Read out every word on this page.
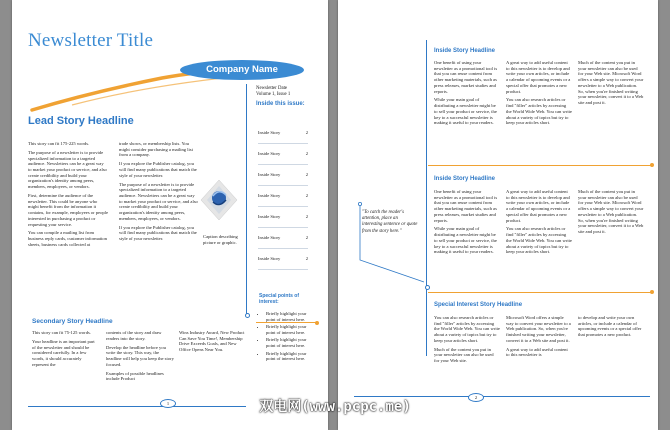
Newsletter Title
Company Name
Newsletter Date
Volume 1, Issue 1
Inside this issue:
Inside Story	2
Inside Story	2
Inside Story	2
Inside Story	2
Inside Story	2
Inside Story	2
Inside Story	2
Lead Story Headline

This story can fit 175-225 words.

The purpose of a newsletter is to provide specialized information to a targeted audience. Newsletters can be a great way to market your product or service, and also create credibility and build your organization's identity among peers, members, employees, or vendors.

First, determine the audience of the newsletter. This could be anyone who might benefit from the information it contains, for example, employees or people interested in purchasing a product or requesting your service.

You can compile a mailing list from business reply cards, customer information sheets, business cards collected at

trade shows, or membership lists. You might consider purchasing a mailing list from a company.

If you explore the Publisher catalog, you will find many publications that match the style of your newsletter.

The purpose of a newsletter is to provide specialized information to a targeted audience. Newsletters can be a great way to market your product or service, and also create credibility and build your organization's identity among peers, members, employees, or vendors.

If you explore the Publisher catalog, you will find many publications that match the style of your newsletter.	Caption describing picture or graphic.
Secondary Story Headline

This story can fit 75-125 words.

Your headline is an important part of the newsletter and should be considered carefully. In a few words, it should accurately represent the

contents of the story and draw readers into the story.

Develop the headline before you write the story. This way, the headline will help you keep the story focused.

Examples of possible headlines include Product

Wins Industry Award, New Product Can Save You Time!, Membership Drive Exceeds Goals, and New Office Opens Near You.

Special points of interest:
• Briefly highlight your point of interest here.
• Briefly highlight your point of interest here.
• Briefly highlight your point of interest here.
• Briefly highlight your point of interest here.
1
Inside Story Headline

One benefit of using your newsletter as a promotional tool is that you can reuse content from other marketing materials, such as press releases, market studies and reports.

While your main goal of distributing a newsletter might be to sell your product or service, the key to a successful newsletter is making it useful to your readers.

A great way to add useful content to this newsletter is to develop and write your own articles, or include a calendar of upcoming events or a special offer that promotes a new product.

You can also research articles or find "filler" articles by accessing the World Wide Web. You can write about a variety of topics but try to keep your articles short.

Much of the content you put in your newsletter can also be used for your Web site. Microsoft Word offers a simple way to convert your newsletter to a Web publication. So, when you're finished writing your newsletter, convert it to a Web site and post it.

Inside Story Headline

One benefit of using your newsletter as a promotional tool is that you can reuse content from other marketing materials, such as press releases, market studies and reports.

While your main goal of distributing a newsletter might be to sell your product or service, the key to a successful newsletter is making it useful to your readers.

A great way to add useful content to this newsletter is to develop and write your own articles, or include a calendar of upcoming events or a special offer that promotes a new product.

You can also research articles or find "filler" articles by accessing the World Wide Web. You can write about a variety of topics but try to keep your articles short.

Much of the content you put in your newsletter can also be used for your Web site. Microsoft Word offers a simple way to convert your newsletter to a Web publication. So, when you're finished writing your newsletter, convert it to a Web site and post it.

"To catch the reader's attention, place an interesting sentence or quote from the story here."
Special Interest Story Headline

You can also research articles or find "filler" articles by accessing the World Wide Web. You can write about a variety of topics but try to keep your articles short.

Much of the content you put in your newsletter can also be used for your Web site.

Microsoft Word offers a simple way to convert your newsletter to a Web publication. So, when you're finished writing your newsletter, convert it to a Web site and post it.

A great way to add useful content to this newsletter is

to develop and write your own articles, or include a calendar of upcoming events or a special offer that promotes a new product.

2
双电网(www.pcpc.me)
